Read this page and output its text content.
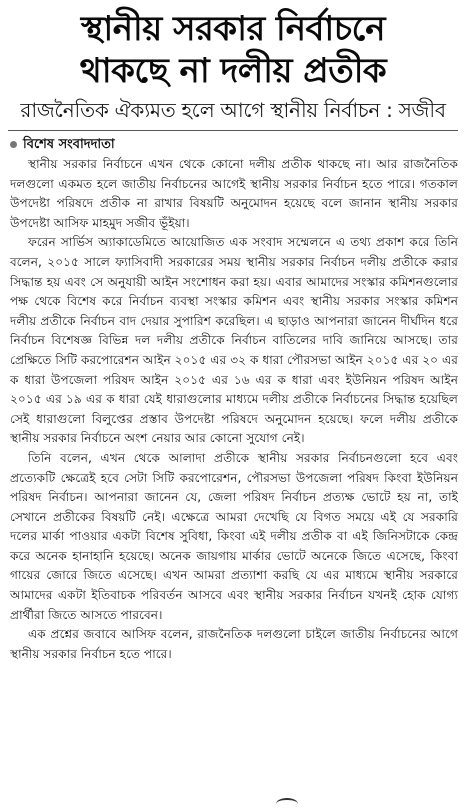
স্থানীয় সরকার নির্বাচনে
থাকছে না দলীয় প্রতীক
রাজনৈতিক ঐক্যমত হলে আগে স্থানীয় নির্বাচন : সজীব
বিশেষ সংবাদদাতা

স্থানীয় সরকার নির্বাচনে এখন থেকে কোনো দলীয় প্রতীক থাকছে না। আর রাজনৈতিক দলগুলো একমত হলে জাতীয় নির্বাচনের আগেই স্থানীয় সরকার নির্বাচন হতে পারে। গতকাল উপদেষ্টা পরিষদে প্রতীক না রাখার বিষয়টি অনুমোদন হয়েছে বলে জানান স্থানীয় সরকার উপদেষ্টা আসিফ মাহমুদ সজীব ভূঁইয়া।

ফরেন সার্ভিস অ্যাকাডেমিতে আয়োজিত এক সংবাদ সম্মেলনে এ তথ্য প্রকাশ করে তিনি বলেন, ২০১৫ সালে ফ্যাসিবাদী সরকারের সময় স্থানীয় সরকার নির্বাচন দলীয় প্রতীকে করার সিদ্ধান্ত হয় এবং সে অনুযায়ী আইন সংশোধন করা হয়। এবার আমাদের সংস্কার কমিশনগুলোর পক্ষ থেকে বিশেষ করে নির্বাচন ব্যবস্থা সংস্কার কমিশন এবং স্থানীয় সরকার সংস্কার কমিশন দলীয় প্রতীকে নির্বাচন বাদ দেয়ার সুপারিশ করেছিল। এ ছাড়াও আপনারা জানেন দীর্ঘদিন ধরে নির্বাচন বিশেষজ্ঞ বিভিন্ন দল দলীয় প্রতীকে নির্বাচন বাতিলের দাবি জানিয়ে আসছে। তার প্রেক্ষিতে সিটি করপোরেশন আইন ২০১৫ এর ৩২ ক ধারা পৌরসভা আইন ২০১৫ এর ২০ এর ক ধারা উপজেলা পরিষদ আইন ২০১৫ এর ১৬ এর ক ধারা এবং ইউনিয়ন পরিষদ আইন ২০১৫ এর ১৯ এর ক ধারা যেই ধারাগুলোর মাধ্যমে দলীয় প্রতীকে নির্বাচনের সিদ্ধান্ত হয়েছিল সেই ধারাগুলো বিলুপ্তের প্রস্তাব উপদেষ্টা পরিষদে অনুমোদন হয়েছে। ফলে দলীয় প্রতীকে স্থানীয় সরকার নির্বাচনে অংশ নেয়ার আর কোনো সুযোগ নেই।

তিনি বলেন, এখন থেকে আলাদা প্রতীকে স্থানীয় সরকার নির্বাচনগুলো হবে এবং প্রত্যেকটি ক্ষেত্রেই হবে সেটা সিটি করপোরেশন, পৌরসভা উপজেলা পরিষদ কিংবা ইউনিয়ন পরিষদ নির্বাচন। আপনারা জানেন যে, জেলা পরিষদ নির্বাচন প্রত্যক্ষ ভোটে হয় না, তাই সেখানে প্রতীকের বিষয়টি নেই। এক্ষেত্রে আমরা দেখেছি যে বিগত সময়ে এই যে সরকারি দলের মার্কা পাওয়ার একটা বিশেষ সুবিধা, কিংবা এই দলীয় প্রতীক বা এই জিনিসটাকে কেন্দ্র করে অনেক হানাহানি হয়েছে। অনেক জায়গায় মার্কার ভোটে অনেকে জিতে এসেছে, কিংবা গায়ের জোরে জিতে এসেছে। এখন আমরা প্রত্যাশা করছি যে এর মাধ্যমে স্থানীয় সরকারে আমাদের একটা ইতিবাচক পরিবর্তন আসবে এবং স্থানীয় সরকার নির্বাচন যখনই হোক যোগ্য প্রার্থীরা জিতে আসতে পারবেন।

এক প্রশ্নের জবাবে আসিফ বলেন, রাজনৈতিক দলগুলো চাইলে জাতীয় নির্বাচনের আগে স্থানীয় সরকার নির্বাচন হতে পারে।
